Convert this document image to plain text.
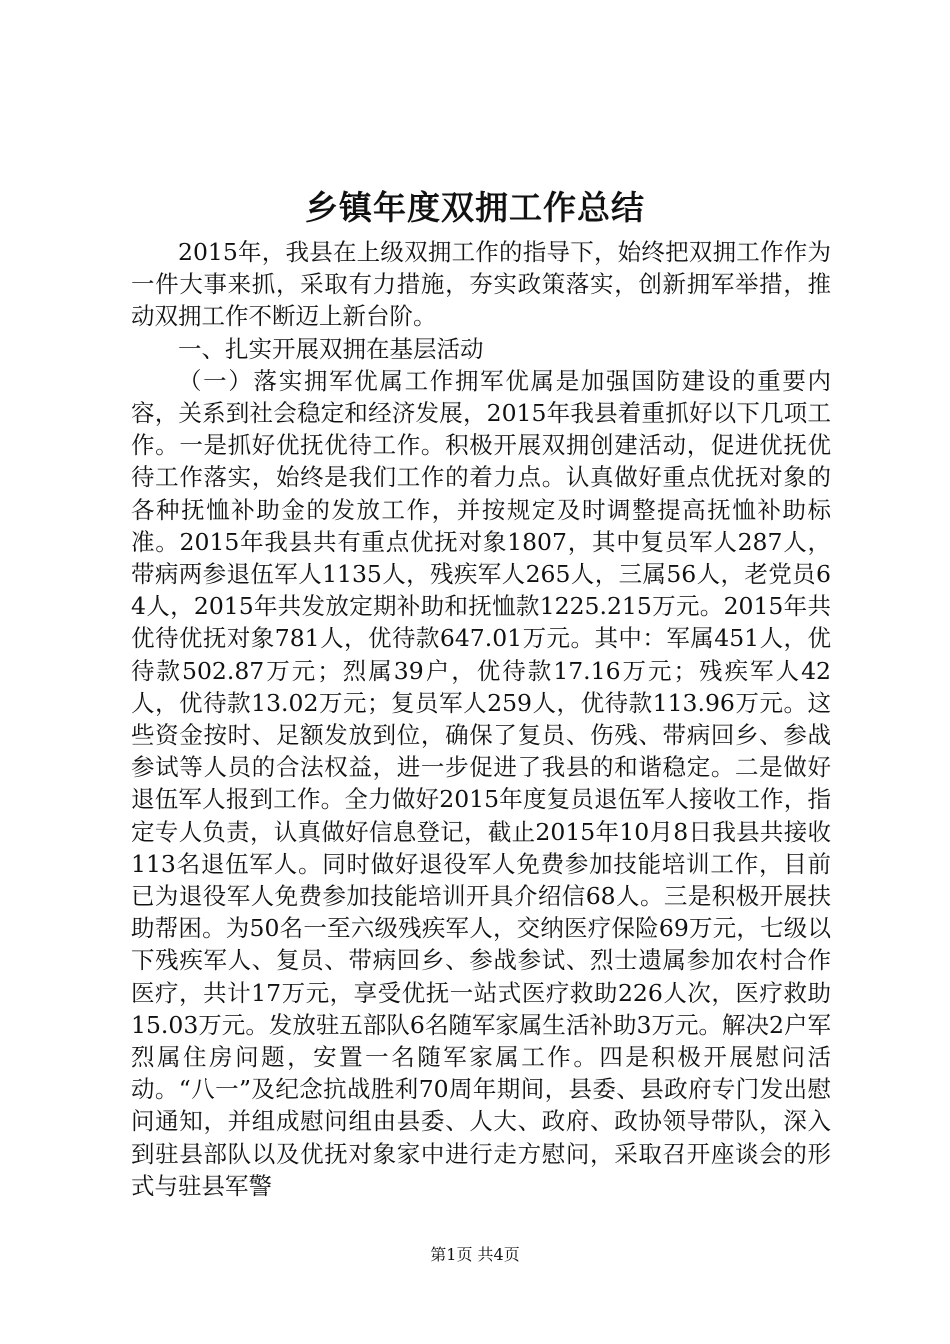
乡镇年度双拥工作总结

2015年，我县在上级双拥工作的指导下，始终把双拥工作作为一件大事来抓，采取有力措施，夯实政策落实，创新拥军举措，推动双拥工作不断迈上新台阶。

一、扎实开展双拥在基层活动

（一）落实拥军优属工作拥军优属是加强国防建设的重要内容，关系到社会稳定和经济发展，2015年我县着重抓好以下几项工作。一是抓好优抚优待工作。积极开展双拥创建活动，促进优抚优待工作落实，始终是我们工作的着力点。认真做好重点优抚对象的各种抚恤补助金的发放工作，并按规定及时调整提高抚恤补助标准。2015年我县共有重点优抚对象1807，其中复员军人287人，带病两参退伍军人1135人，残疾军人265人，三属56人，老党员64人，2015年共发放定期补助和抚恤款1225.215万元。2015年共优待优抚对象781人，优待款647.01万元。其中：军属451人，优待款502.87万元；烈属39户，优待款17.16万元；残疾军人42人，优待款13.02万元；复员军人259人，优待款113.96万元。这些资金按时、足额发放到位，确保了复员、伤残、带病回乡、参战参试等人员的合法权益，进一步促进了我县的和谐稳定。二是做好退伍军人报到工作。全力做好2015年度复员退伍军人接收工作，指定专人负责，认真做好信息登记，截止2015年10月8日我县共接收113名退伍军人。同时做好退役军人免费参加技能培训工作，目前已为退役军人免费参加技能培训开具介绍信68人。三是积极开展扶助帮困。为50名一至六级残疾军人，交纳医疗保险69万元，七级以下残疾军人、复员、带病回乡、参战参试、烈士遗属参加农村合作医疗，共计17万元，享受优抚一站式医疗救助226人次，医疗救助15.03万元。发放驻五部队6名随军家属生活补助3万元。解决2户军烈属住房问题，安置一名随军家属工作。四是积极开展慰问活动。“八一”及纪念抗战胜利70周年期间，县委、县政府专门发出慰问通知，并组成慰问组由县委、人大、政府、政协领导带队，深入到驻县部队以及优抚对象家中进行走方慰问，采取召开座谈会的形式与驻县军警

第1页 共4页
